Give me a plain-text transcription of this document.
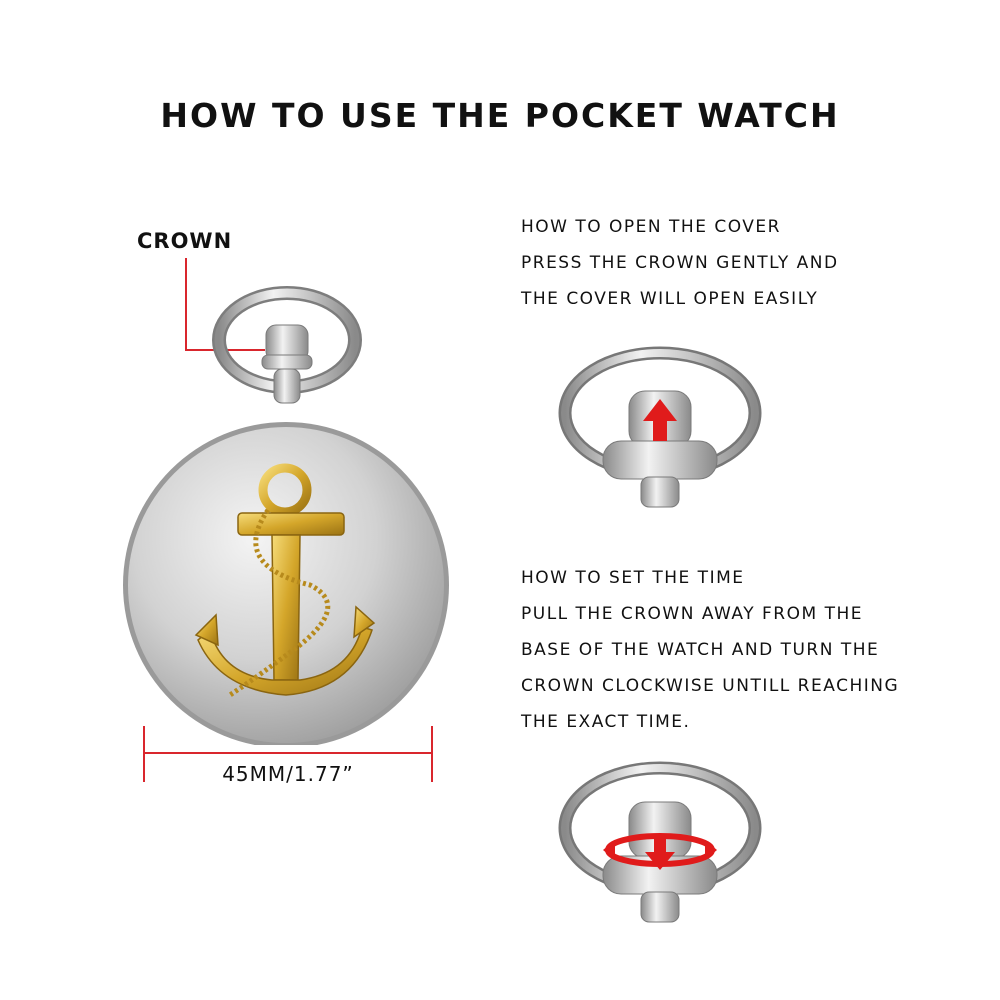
HOW TO USE THE POCKET WATCH
CROWN
45MM/1.77”
HOW TO OPEN THE COVER
PRESS THE CROWN GENTLY AND
THE COVER WILL OPEN EASILY
HOW TO SET THE TIME
PULL THE CROWN AWAY FROM THE
BASE OF THE WATCH AND TURN THE
CROWN CLOCKWISE UNTILL REACHING
THE EXACT TIME.
